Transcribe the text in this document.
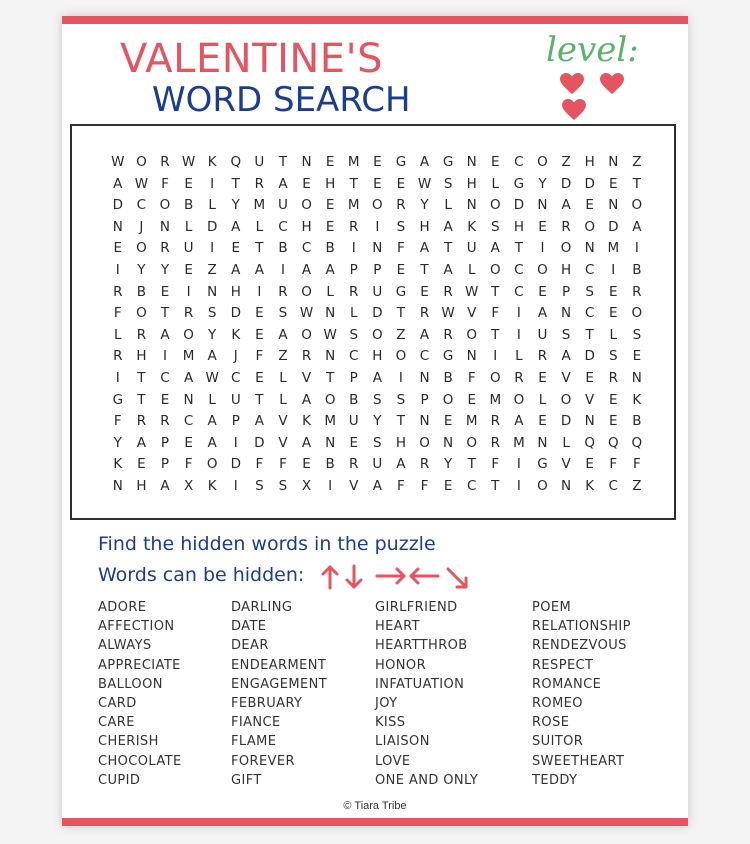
VALENTINE'S
WORD SEARCH
level:
W O	R W K	Q U	T	N	E	M	E	G	A	G N	E	C	O	Z	H N	Z
A W F	E	I	T	R	A	E	H	T	E	E W S	H	L	G	Y	D D	E	T
D	C	O	B	L	Y	M U O	E	M O	R	Y	L	N O D N	A	E	N O
N	J	N	L	D	A	L	C	H	E	R	I	S	H	A	K	S	H	E	R	O D	A
E	O	R	U	I	E	T	B	C	B	I	N	F	A	T	U	A	T	I	O N M	I
I	Y	Y	E	Z	A	A	I	A	A	P	P	E	T	A	L	O	C	O H	C	I	B
R	B	E	I	N H	I	R	O	L	R	U G	E	R W T	C	E	P	S	E	R
F	O	T	R	S	D	E	S W N	L	D	T	R W V	F	I	A	N	C	E	O
L	R	A	O	Y	K	E	A	O W S	O	Z	A	R	O	T	I	U	S	T	L	S
R	H	I	M A	J	F	Z	R	N	C	H O	C	G N	I	L	R	A	D	S	E
I	T	C	A W C	E	L	V	T	P	A	I	N	B	F	O	R	E	V	E	R	N
G	T	E	N	L	U	T	L	A	O	B	S	S	P	O	E	M O	L	O	V	E	K
F	R	R	C	A	P	A	V	K M U	Y	T	N	E	M R	A	E	D N	E	B
Y	A	P	E	A	I	D	V	A	N	E	S	H O N O	R M N	L	Q Q Q
K	E	P	F	O D	F	F	E	B	R	U	A	R	Y	T	F	I	G	V	E	F	F
N H	A	X	K	I	S	S	X	I	V	A	F	F	E	C	T	I	O N	K	C	Z
Find the hidden words in the puzzle
Words can be hidden:
ADORE
AFFECTION
ALWAYS
APPRECIATE
BALLOON
CARD
CARE
CHERISH
CHOCOLATE
CUPID
DARLING
DATE
DEAR
ENDEARMENT
ENGAGEMENT
FEBRUARY
FIANCE
FLAME
FOREVER
GIFT
GIRLFRIEND
HEART
HEARTTHROB
HONOR
INFATUATION
JOY
KISS
LIAISON
LOVE
ONE AND ONLY
POEM
RELATIONSHIP
RENDEZVOUS
RESPECT
ROMANCE
ROMEO
ROSE
SUITOR
SWEETHEART
TEDDY
© Tiara Tribe
